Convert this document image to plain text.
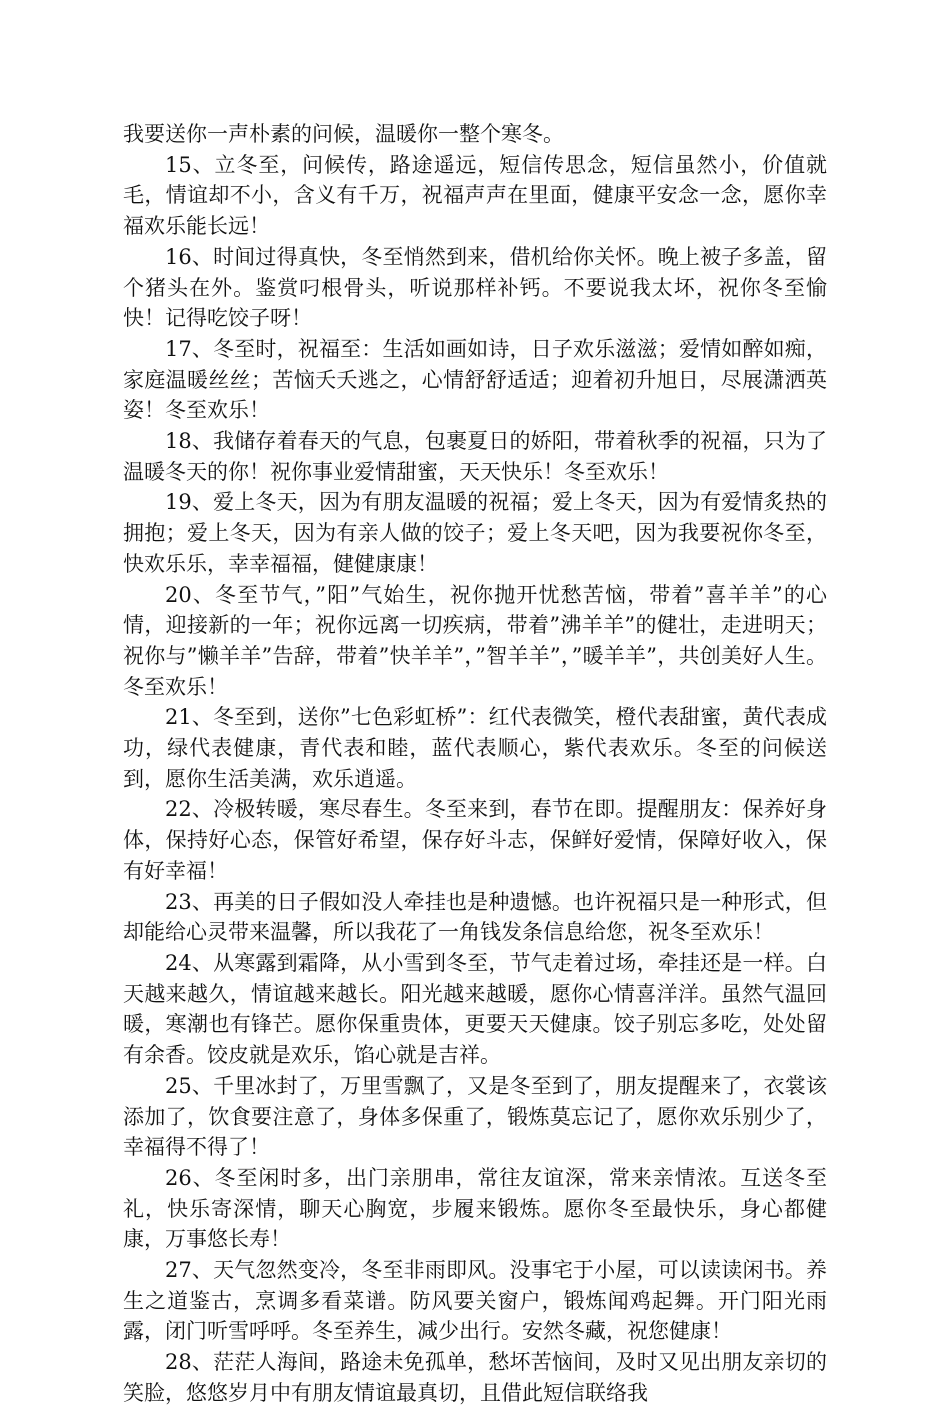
我要送你一声朴素的问候，温暖你一整个寒冬。

15、立冬至，问候传，路途遥远，短信传思念，短信虽然小，价值就毛，情谊却不小，含义有千万，祝福声声在里面，健康平安念一念，愿你幸福欢乐能长远！

16、时间过得真快，冬至悄然到来，借机给你关怀。晚上被子多盖，留个猪头在外。鉴赏叼根骨头，听说那样补钙。不要说我太坏，祝你冬至愉快！记得吃饺子呀！

17、冬至时，祝福至：生活如画如诗，日子欢乐滋滋；爱情如醉如痴，家庭温暖丝丝；苦恼夭夭逃之，心情舒舒适适；迎着初升旭日，尽展潇洒英姿！冬至欢乐！

18、我储存着春天的气息，包裹夏日的娇阳，带着秋季的祝福，只为了温暖冬天的你！祝你事业爱情甜蜜，天天快乐！冬至欢乐！

19、爱上冬天，因为有朋友温暖的祝福；爱上冬天，因为有爱情炙热的拥抱；爱上冬天，因为有亲人做的饺子；爱上冬天吧，因为我要祝你冬至，快欢乐乐，幸幸福福，健健康康！

20、冬至节气，”阳”气始生，祝你抛开忧愁苦恼，带着”喜羊羊”的心情，迎接新的一年；祝你远离一切疾病，带着”沸羊羊”的健壮，走进明天；祝你与”懒羊羊”告辞，带着”快羊羊”，”智羊羊”，”暖羊羊”，共创美好人生。冬至欢乐！

21、冬至到，送你”七色彩虹桥”：红代表微笑，橙代表甜蜜，黄代表成功，绿代表健康，青代表和睦，蓝代表顺心，紫代表欢乐。冬至的问候送到，愿你生活美满，欢乐逍遥。

22、冷极转暖，寒尽春生。冬至来到，春节在即。提醒朋友：保养好身体，保持好心态，保管好希望，保存好斗志，保鲜好爱情，保障好收入，保有好幸福！

23、再美的日子假如没人牵挂也是种遗憾。也许祝福只是一种形式，但却能给心灵带来温馨，所以我花了一角钱发条信息给您，祝冬至欢乐！

24、从寒露到霜降，从小雪到冬至，节气走着过场，牵挂还是一样。白天越来越久，情谊越来越长。阳光越来越暖，愿你心情喜洋洋。虽然气温回暖，寒潮也有锋芒。愿你保重贵体，更要天天健康。饺子别忘多吃，处处留有余香。饺皮就是欢乐，馅心就是吉祥。

25、千里冰封了，万里雪飘了，又是冬至到了，朋友提醒来了，衣裳该添加了，饮食要注意了，身体多保重了，锻炼莫忘记了，愿你欢乐别少了，幸福得不得了！

26、冬至闲时多，出门亲朋串，常往友谊深，常来亲情浓。互送冬至礼，快乐寄深情，聊天心胸宽，步履来锻炼。愿你冬至最快乐，身心都健康，万事悠长寿！

27、天气忽然变冷，冬至非雨即风。没事宅于小屋，可以读读闲书。养生之道鉴古，烹调多看菜谱。防风要关窗户，锻炼闻鸡起舞。开门阳光雨露，闭门听雪呼呼。冬至养生，减少出行。安然冬藏，祝您健康！

28、茫茫人海间，路途未免孤单，愁坏苦恼间，及时又见出朋友亲切的笑脸，悠悠岁月中有朋友情谊最真切，且借此短信联络我
